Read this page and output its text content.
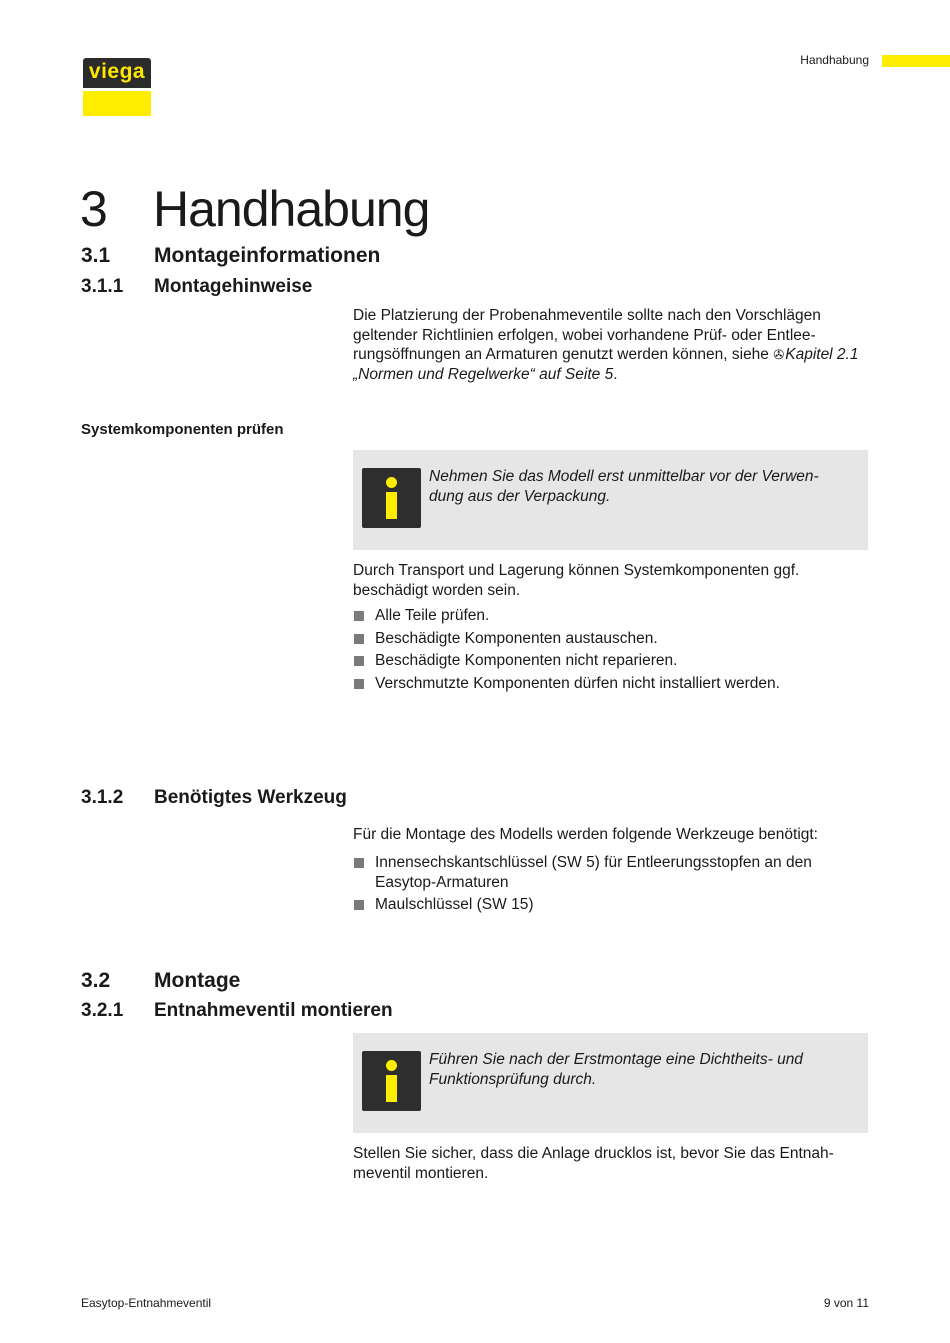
viega	Handhabung
3 Handhabung
3.1 Montageinformationen
3.1.1 Montagehinweise
Die Platzierung der Probenahmeventile sollte nach den Vorschlägen geltender Richtlinien erfolgen, wobei vorhandene Prüf- oder Entlee-rungsöffnungen an Armaturen genutzt werden können, siehe ✇Kapitel 2.1 „Normen und Regelwerke“ auf Seite 5.
Systemkomponenten prüfen
Nehmen Sie das Modell erst unmittelbar vor der Verwen-dung aus der Verpackung.
Durch Transport und Lagerung können Systemkomponenten ggf. beschädigt worden sein.
Alle Teile prüfen.
Beschädigte Komponenten austauschen.
Beschädigte Komponenten nicht reparieren.
Verschmutzte Komponenten dürfen nicht installiert werden.
3.1.2 Benötigtes Werkzeug
Für die Montage des Modells werden folgende Werkzeuge benötigt:
Innensechskantschlüssel (SW 5) für Entleerungsstopfen an den Easytop-Armaturen
Maulschlüssel (SW 15)
3.2 Montage
3.2.1 Entnahmeventil montieren
Führen Sie nach der Erstmontage eine Dichtheits- und Funktionsprüfung durch.
Stellen Sie sicher, dass die Anlage drucklos ist, bevor Sie das Entnah-meventil montieren.
Easytop-Entnahmeventil	9 von 11
